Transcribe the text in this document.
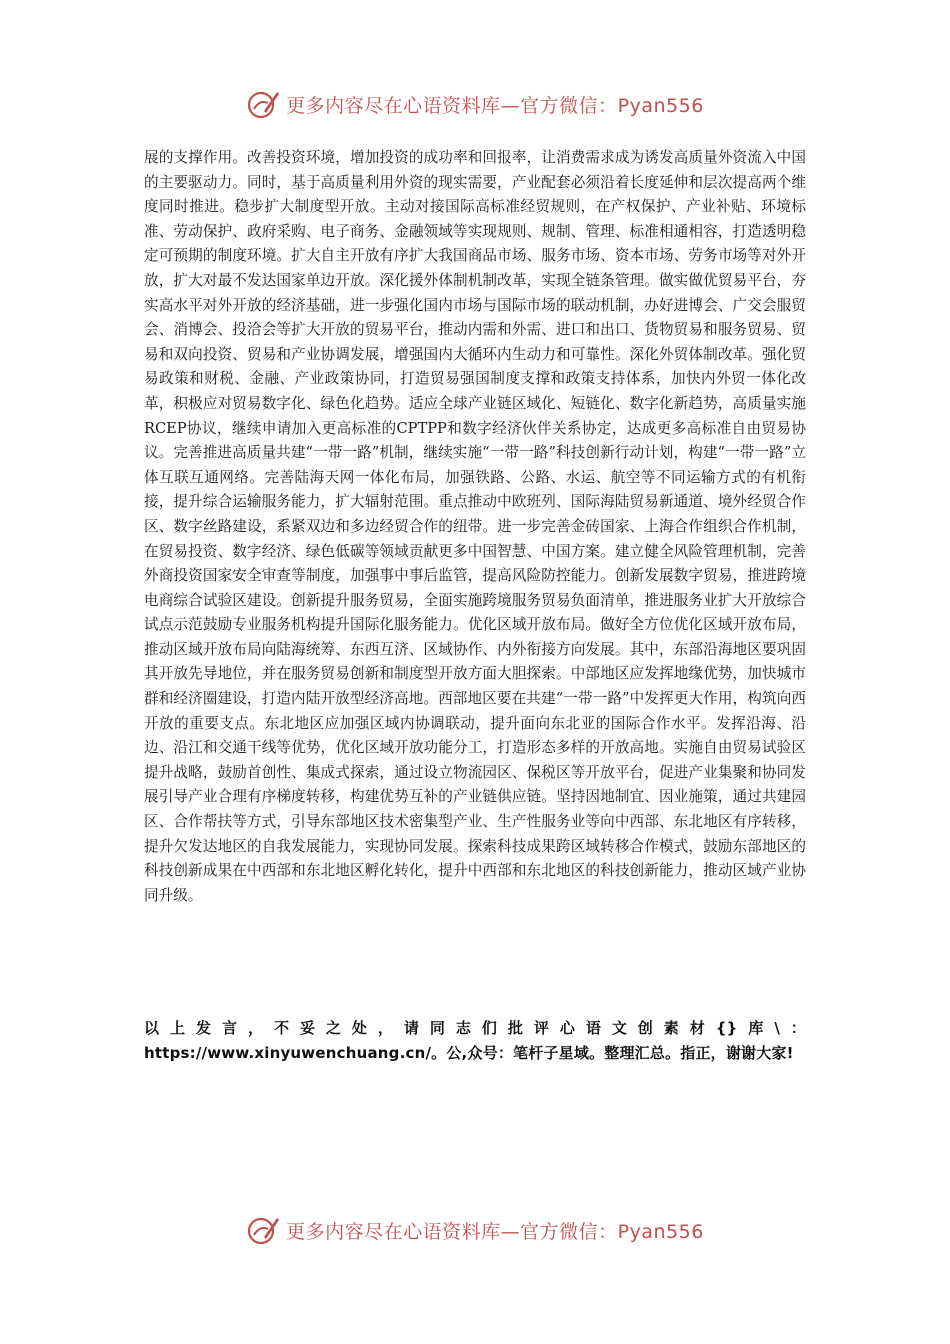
更多内容尽在心语资料库—官方微信：Pyan556

展的支撑作用。改善投资环境，增加投资的成功率和回报率，让消费需求成为诱发高质量外资流入中国的主要驱动力。同时，基于高质量利用外资的现实需要，产业配套必须沿着长度延伸和层次提高两个维度同时推进。稳步扩大制度型开放。主动对接国际高标准经贸规则，在产权保护、产业补贴、环境标准、劳动保护、政府采购、电子商务、金融领域等实现规则、规制、管理、标准相通相容，打造透明稳定可预期的制度环境。扩大自主开放有序扩大我国商品市场、服务市场、资本市场、劳务市场等对外开放，扩大对最不发达国家单边开放。深化援外体制机制改革，实现全链条管理。做实做优贸易平台，夯实高水平对外开放的经济基础，进一步强化国内市场与国际市场的联动机制，办好进博会、广交会服贸会、消博会、投洽会等扩大开放的贸易平台，推动内需和外需、进口和出口、货物贸易和服务贸易、贸易和双向投资、贸易和产业协调发展，增强国内大循环内生动力和可靠性。深化外贸体制改革。强化贸易政策和财税、金融、产业政策协同，打造贸易强国制度支撑和政策支持体系，加快内外贸一体化改革，积极应对贸易数字化、绿色化趋势。适应全球产业链区域化、短链化、数字化新趋势，高质量实施RCEP协议，继续申请加入更高标准的CPTPP和数字经济伙伴关系协定，达成更多高标准自由贸易协议。完善推进高质量共建“一带一路”机制，继续实施“一带一路”科技创新行动计划，构建“一带一路”立体互联互通网络。完善陆海天网一体化布局，加强铁路、公路、水运、航空等不同运输方式的有机衔接，提升综合运输服务能力，扩大辐射范围。重点推动中欧班列、国际海陆贸易新通道、境外经贸合作区、数字丝路建设，系紧双边和多边经贸合作的纽带。进一步完善金砖国家、上海合作组织合作机制，在贸易投资、数字经济、绿色低碳等领域贡献更多中国智慧、中国方案。建立健全风险管理机制，完善外商投资国家安全审查等制度，加强事中事后监管，提高风险防控能力。创新发展数字贸易，推进跨境电商综合试验区建设。创新提升服务贸易，全面实施跨境服务贸易负面清单，推进服务业扩大开放综合试点示范鼓励专业服务机构提升国际化服务能力。优化区域开放布局。做好全方位优化区域开放布局，推动区域开放布局向陆海统筹、东西互济、区域协作、内外衔接方向发展。其中，东部沿海地区要巩固其开放先导地位，并在服务贸易创新和制度型开放方面大胆探索。中部地区应发挥地缘优势，加快城市群和经济圈建设，打造内陆开放型经济高地。西部地区要在共建“一带一路”中发挥更大作用，构筑向西开放的重要支点。东北地区应加强区域内协调联动，提升面向东北亚的国际合作水平。发挥沿海、沿边、沿江和交通干线等优势，优化区域开放功能分工，打造形态多样的开放高地。实施自由贸易试验区提升战略，鼓励首创性、集成式探索，通过设立物流园区、保税区等开放平台，促进产业集聚和协同发展引导产业合理有序梯度转移，构建优势互补的产业链供应链。坚持因地制宜、因业施策，通过共建园区、合作帮扶等方式，引导东部地区技术密集型产业、生产性服务业等向中西部、东北地区有序转移，提升欠发达地区的自我发展能力，实现协同发展。探索科技成果跨区域转移合作模式，鼓励东部地区的科技创新成果在中西部和东北地区孵化转化，提升中西部和东北地区的科技创新能力，推动区域产业协同升级。

以上发言，不妥之处，请同志们批评心语文创素材{}库\：https://www.xinyuwenchuang.cn/。公,众号：笔杆子星域。整理汇总。指正，谢谢大家!

更多内容尽在心语资料库—官方微信：Pyan556
